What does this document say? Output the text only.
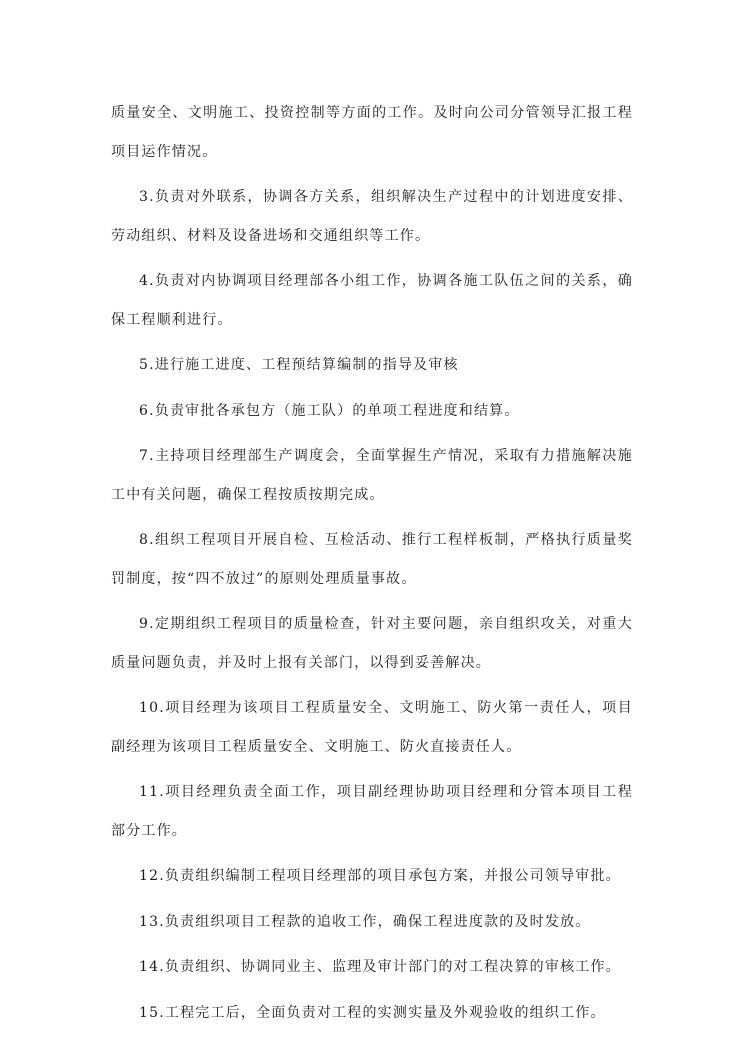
质量安全、文明施工、投资控制等方面的工作。及时向公司分管领导汇报工程项目运作情况。

3.负责对外联系，协调各方关系，组织解决生产过程中的计划进度安排、劳动组织、材料及设备进场和交通组织等工作。

4.负责对内协调项目经理部各小组工作，协调各施工队伍之间的关系，确保工程顺利进行。

5.进行施工进度、工程预结算编制的指导及审核

6.负责审批各承包方（施工队）的单项工程进度和结算。

7.主持项目经理部生产调度会，全面掌握生产情况，采取有力措施解决施工中有关问题，确保工程按质按期完成。

8.组织工程项目开展自检、互检活动、推行工程样板制，严格执行质量奖罚制度，按“四不放过”的原则处理质量事故。

9.定期组织工程项目的质量检查，针对主要问题，亲自组织攻关，对重大质量问题负责，并及时上报有关部门，以得到妥善解决。

10.项目经理为该项目工程质量安全、文明施工、防火第一责任人，项目副经理为该项目工程质量安全、文明施工、防火直接责任人。

11.项目经理负责全面工作，项目副经理协助项目经理和分管本项目工程部分工作。

12.负责组织编制工程项目经理部的项目承包方案，并报公司领导审批。

13.负责组织项目工程款的追收工作，确保工程进度款的及时发放。

14.负责组织、协调同业主、监理及审计部门的对工程决算的审核工作。

15.工程完工后，全面负责对工程的实测实量及外观验收的组织工作。
